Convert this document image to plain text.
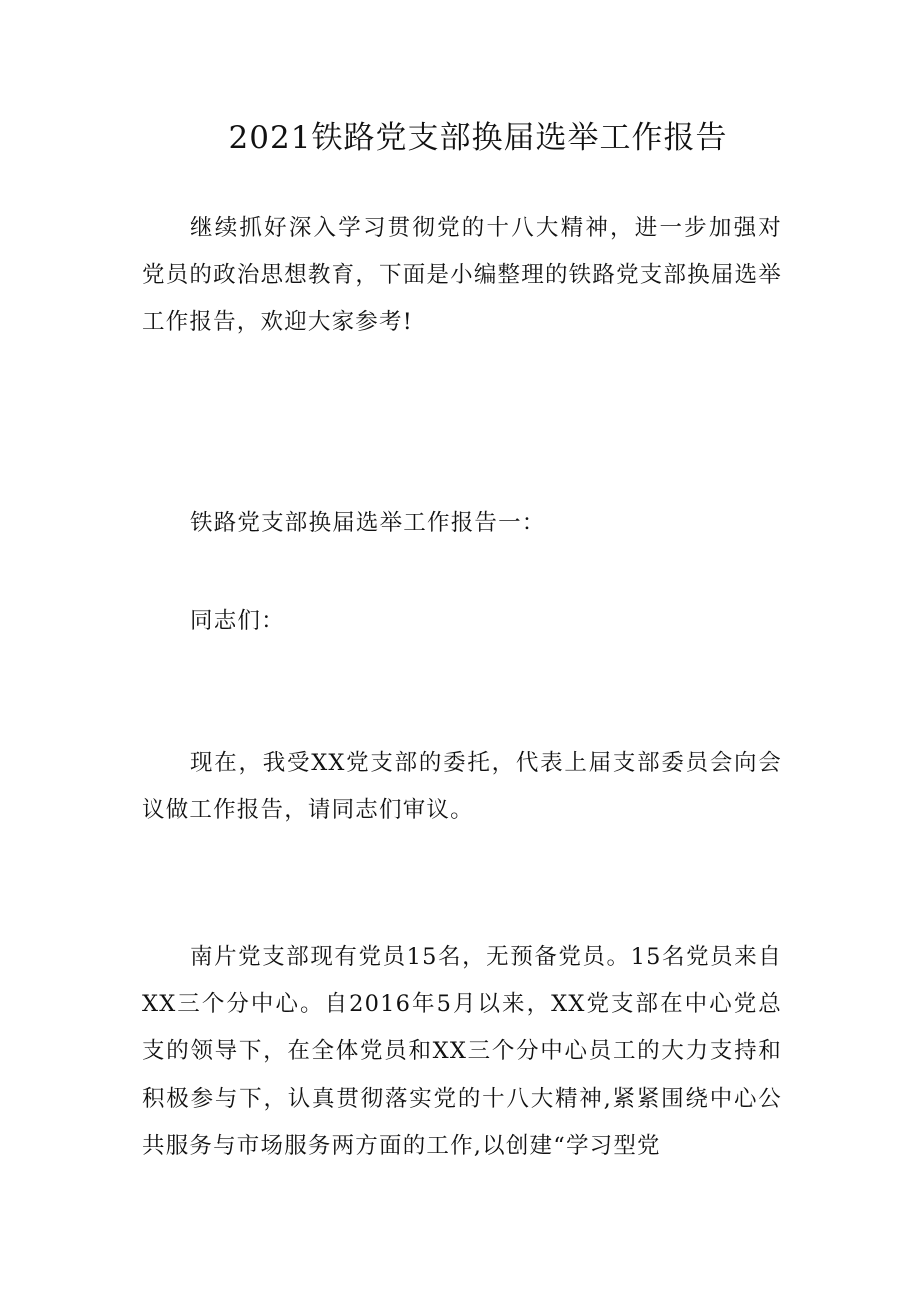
2021铁路党支部换届选举工作报告
继续抓好深入学习贯彻党的十八大精神，进一步加强对党员的政治思想教育，下面是小编整理的铁路党支部换届选举工作报告，欢迎大家参考!
铁路党支部换届选举工作报告一：
同志们：
现在，我受XX党支部的委托，代表上届支部委员会向会议做工作报告，请同志们审议。
南片党支部现有党员15名，无预备党员。15名党员来自XX三个分中心。自2016年5月以来，XX党支部在中心党总支的领导下，在全体党员和XX三个分中心员工的大力支持和积极参与下，认真贯彻落实党的十八大精神,紧紧围绕中心公共服务与市场服务两方面的工作,以创建“学习型党
